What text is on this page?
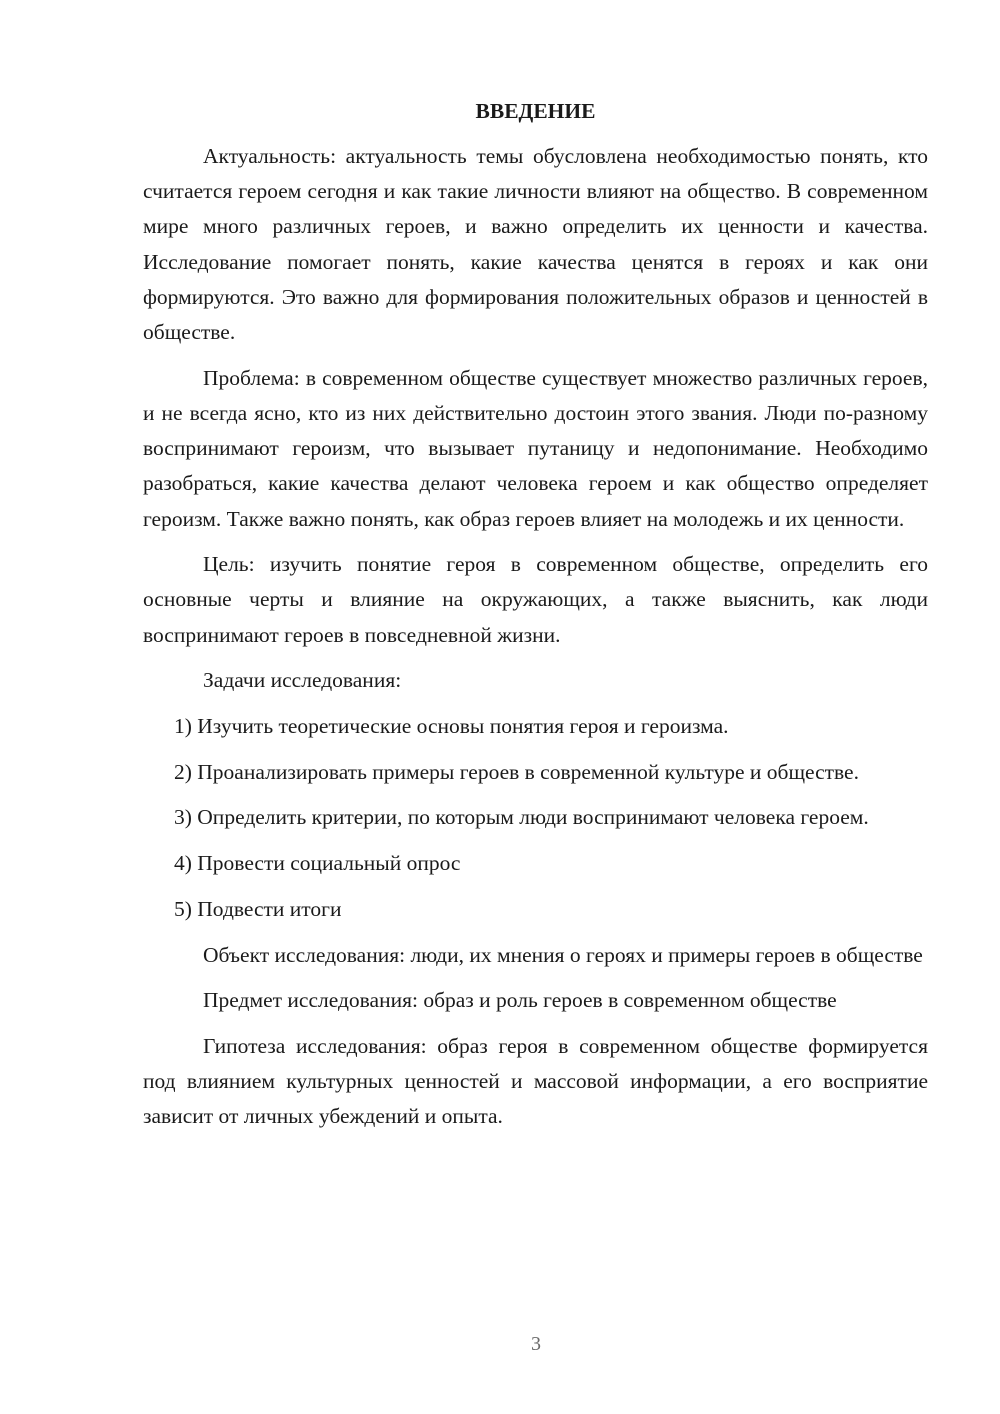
ВВЕДЕНИЕ

Актуальность: актуальность темы обусловлена необходимостью понять, кто считается героем сегодня и как такие личности влияют на общество. В современном мире много различных героев, и важно определить их ценности и качества. Исследование помогает понять, какие качества ценятся в героях и как они формируются. Это важно для формирования положительных образов и ценностей в обществе.

Проблема: в современном обществе существует множество различных героев, и не всегда ясно, кто из них действительно достоин этого звания. Люди по-разному воспринимают героизм, что вызывает путаницу и недопонимание. Необходимо разобраться, какие качества делают человека героем и как общество определяет героизм. Также важно понять, как образ героев влияет на молодежь и их ценности.

Цель: изучить понятие героя в современном обществе, определить его основные черты и влияние на окружающих, а также выяснить, как люди воспринимают героев в повседневной жизни.

Задачи исследования:

1) Изучить теоретические основы понятия героя и героизма.

2) Проанализировать примеры героев в современной культуре и обществе.

3) Определить критерии, по которым люди воспринимают человека героем.

4) Провести социальный опрос

5) Подвести итоги

Объект исследования: люди, их мнения о героях и примеры героев в обществе

Предмет исследования: образ и роль героев в современном обществе

Гипотеза исследования: образ героя в современном обществе формируется под влиянием культурных ценностей и массовой информации, а его восприятие зависит от личных убеждений и опыта.

3
